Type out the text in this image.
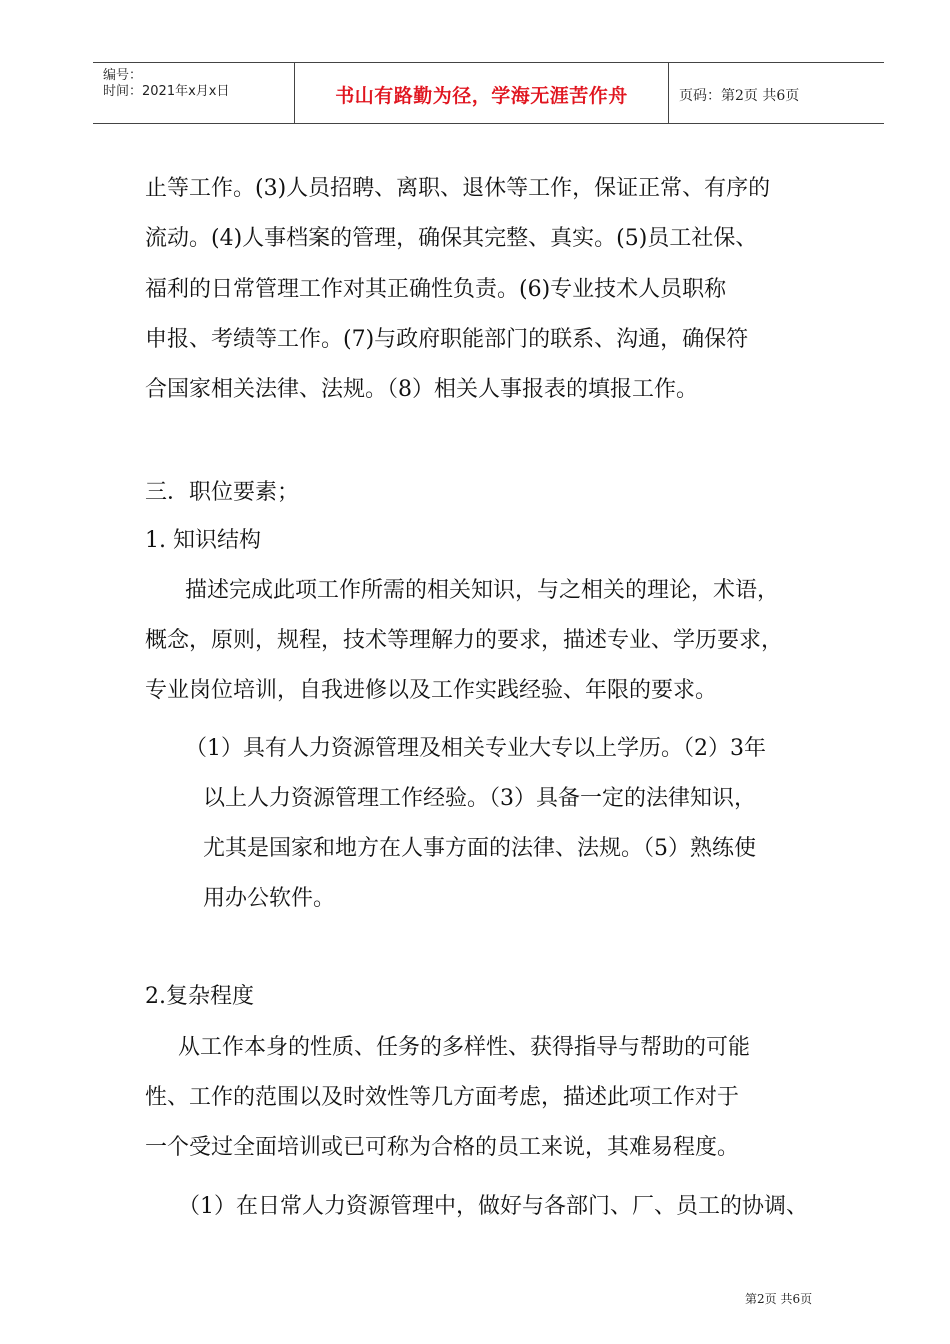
编号：
时间：2021年x月x日	书山有路勤为径，学海无涯苦作舟	页码：第2页 共6页
止等工作。(3)人员招聘、离职、退休等工作，保证正常、有序的
流动。(4)人事档案的管理，确保其完整、真实。(5)员工社保、
福利的日常管理工作对其正确性负责。(6)专业技术人员职称
申报、考绩等工作。(7)与政府职能部门的联系、沟通，确保符
合国家相关法律、法规。（8）相关人事报表的填报工作。
三．职位要素；
1. 知识结构
描述完成此项工作所需的相关知识，与之相关的理论，术语，
概念，原则，规程，技术等理解力的要求，描述专业、学历要求，
专业岗位培训，自我进修以及工作实践经验、年限的要求。
（1）具有人力资源管理及相关专业大专以上学历。（2）3年
以上人力资源管理工作经验。（3）具备一定的法律知识，
尤其是国家和地方在人事方面的法律、法规。（5）熟练使
用办公软件。
2.复杂程度
从工作本身的性质、任务的多样性、获得指导与帮助的可能
性、工作的范围以及时效性等几方面考虑，描述此项工作对于
一个受过全面培训或已可称为合格的员工来说，其难易程度。
（1）在日常人力资源管理中，做好与各部门、厂、员工的协调、
第2页 共6页
